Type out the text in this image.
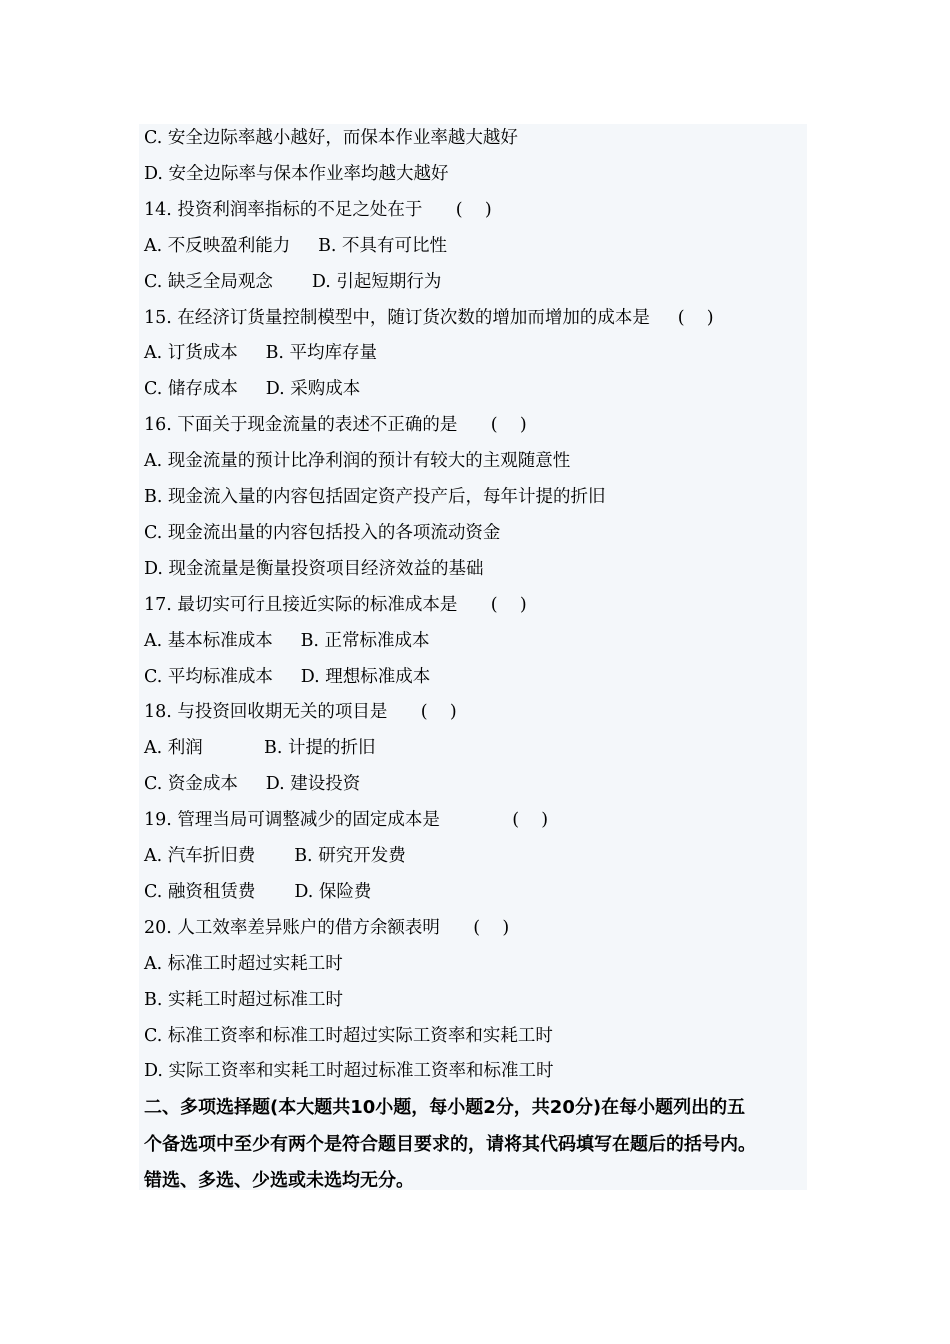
C. 安全边际率越小越好，而保本作业率越大越好
D. 安全边际率与保本作业率均越大越好
14. 投资利润率指标的不足之处在于      (    )
A. 不反映盈利能力     B. 不具有可比性
C. 缺乏全局观念       D. 引起短期行为
15. 在经济订货量控制模型中，随订货次数的增加而增加的成本是     (    )
A. 订货成本     B. 平均库存量
C. 储存成本     D. 采购成本
16. 下面关于现金流量的表述不正确的是      (    )
A. 现金流量的预计比净利润的预计有较大的主观随意性
B. 现金流入量的内容包括固定资产投产后，每年计提的折旧
C. 现金流出量的内容包括投入的各项流动资金
D. 现金流量是衡量投资项目经济效益的基础
17. 最切实可行且接近实际的标准成本是      (    )
A. 基本标准成本     B. 正常标准成本
C. 平均标准成本     D. 理想标准成本
18. 与投资回收期无关的项目是      (    )
A. 利润           B. 计提的折旧
C. 资金成本     D. 建设投资
19. 管理当局可调整减少的固定成本是             (    )
A. 汽车折旧费       B. 研究开发费
C. 融资租赁费       D. 保险费
20. 人工效率差异账户的借方余额表明      (    )
A. 标准工时超过实耗工时
B. 实耗工时超过标准工时
C. 标准工资率和标准工时超过实际工资率和实耗工时
D. 实际工资率和实耗工时超过标准工资率和标准工时
二、多项选择题(本大题共10小题，每小题2分，共20分)在每小题列出的五
个备选项中至少有两个是符合题目要求的，请将其代码填写在题后的括号内。
错选、多选、少选或未选均无分。
